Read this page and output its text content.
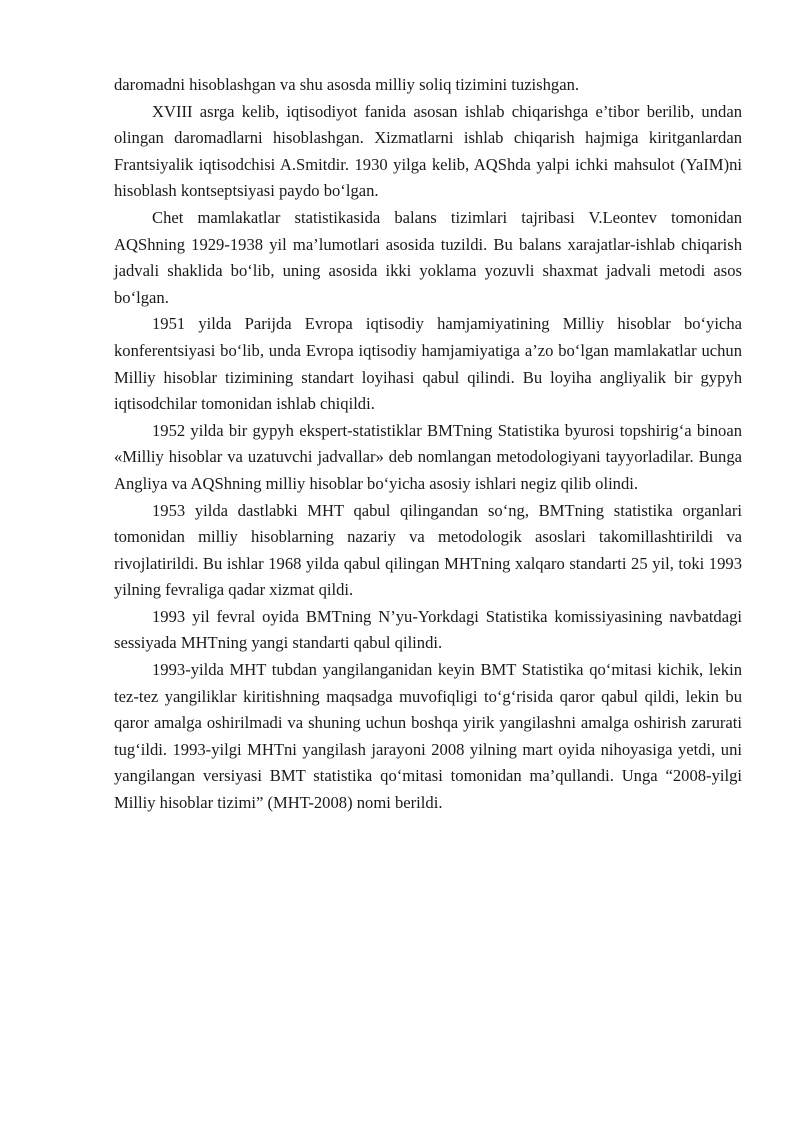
daromadni hisoblashgan va shu asosda milliy soliq tizimini tuzishgan.

XVIII asrga kelib, iqtisodiyot fanida asosan ishlab chiqarishga e’tibor berilib, undan olingan daromadlarni hisoblashgan. Xizmatlarni ishlab chiqarish hajmiga kiritganlardan Frantsiyalik iqtisodchisi A.Smitdir. 1930 yilga kelib, AQShda yalpi ichki mahsulot (YaIM)ni hisoblash kontseptsiyasi paydo bo‘lgan.

Chet mamlakatlar statistikasida balans tizimlari tajribasi V.Leontev tomonidan AQShning 1929-1938 yil ma’lumotlari asosida tuzildi. Bu balans xarajatlar-ishlab chiqarish jadvali shaklida bo‘lib, uning asosida ikki yoklama yozuvli shaxmat jadvali metodi asos bo‘lgan.

1951 yilda Parijda Evropa iqtisodiy hamjamiyatining Milliy hisoblar bo‘yicha konferentsiyasi bo‘lib, unda Evropa iqtisodiy hamjamiyatiga a’zo bo‘lgan mamlakatlar uchun Milliy hisoblar tizimining standart loyihasi qabul qilindi. Bu loyiha angliyalik bir gypyh iqtisodchilar tomonidan ishlab chiqildi.

1952 yilda bir gypyh ekspert-statistiklar BMTning Statistika byurosi topshirig‘a binoan «Milliy hisoblar va uzatuvchi jadvallar» deb nomlangan metodologiyani tayyorladilar. Bunga Angliya va AQShning milliy hisoblar bo‘yicha asosiy ishlari negiz qilib olindi.

1953 yilda dastlabki MHT qabul qilingandan so‘ng, BMTning statistika organlari tomonidan milliy hisoblarning nazariy va metodologik asoslari takomillashtirildi va rivojlatirildi. Bu ishlar 1968 yilda qabul qilingan MHTning xalqaro standarti 25 yil, toki 1993 yilning fevraliga qadar xizmat qildi.

1993 yil fevral oyida BMTning N’yu-Yorkdagi Statistika komissiyasining navbatdagi sessiyada MHTning yangi standarti qabul qilindi.

1993-yilda MHT tubdan yangilanganidan keyin BMT Statistika qo‘mitasi kichik, lekin tez-tez yangiliklar kiritishning maqsadga muvofiqligi to‘g‘risida qaror qabul qildi, lekin bu qaror amalga oshirilmadi va shuning uchun boshqa yirik yangilashni amalga oshirish zarurati tug‘ildi. 1993-yilgi MHTni yangilash jarayoni 2008 yilning mart oyida nihoyasiga yetdi, uni yangilangan versiyasi BMT statistika qo‘mitasi tomonidan ma’qullandi. Unga “2008-yilgi Milliy hisoblar tizimi” (MHT-2008) nomi berildi.
